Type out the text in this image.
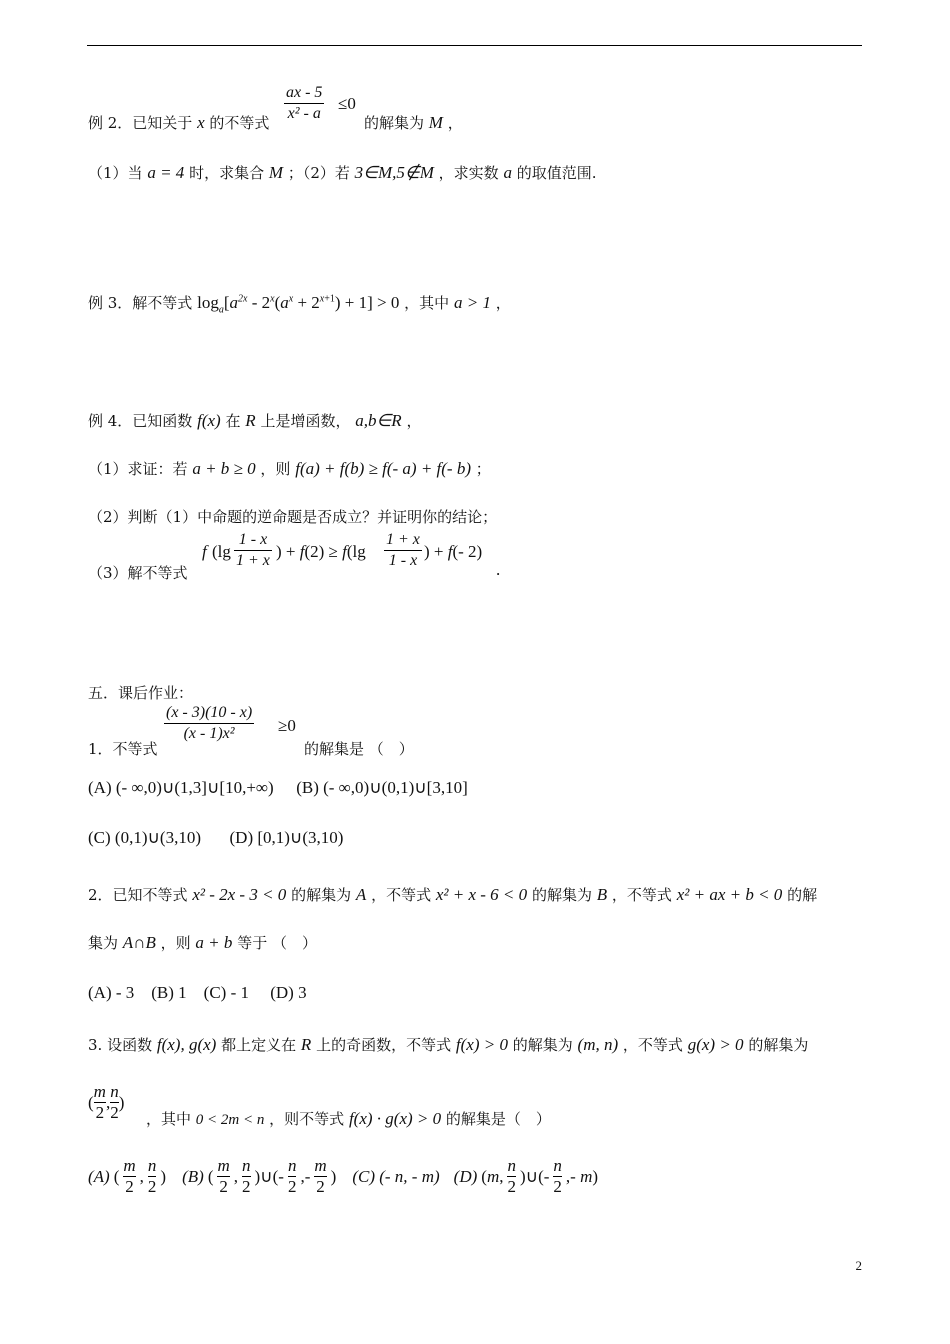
ax - 5
x² - a
≤0
例 2．已知关于 x 的不等式	的解集为 M ，
（1）当 a = 4 时，求集合 M ；（2）若 3∈M,5∉M ，求实数 a 的取值范围.
例 3．解不等式 $\log_a[a^{2x} - 2^x(a^x + 2^{x+1}) + 1] > 0$ ，其中 a > 1 ，
例 4．已知函数 f(x) 在 R 上是增函数， a,b∈R ，
（1）求证：若 a + b ≥ 0 ，则 f(a) + f(b) ≥ f(- a) + f(- b) ；
（2）判断（1）中命题的逆命题是否成立？并证明你的结论；
（3）解不等式
f (lg
1 - x
1 + x ) + f(2) ≥ f(lg
1 + x
1 - x ) + f(- 2)
.
五．课后作业：
(x - 3)(10 - x)
(x - 1)x²	≥0
1．不等式	的解集是 （　）
(A) (- ∞,0)∪(1,3]∪[10,+∞) (B) (- ∞,0)∪(0,1)∪[3,10]
(C) (0,1)∪(3,10) (D) [0,1)∪(3,10)
2．已知不等式 x² - 2x - 3 < 0 的解集为 A ，不等式 x² + x - 6 < 0 的解集为 B ，不等式 x² + ax + b < 0 的解
集为 A∩B ，则 a + b 等于 （　）
(A) - 3　(B) 1　(C) - 1　 (D) 3
3. 设函数 f(x), g(x) 都上定义在 R 上的奇函数，不等式 f(x) > 0 的解集为 (m, n) ，不等式 g(x) > 0 的解集为
(
m
2
,
n
2
)
，其中 0 < 2m < n ，则不等式 f(x) · g(x) > 0 的解集是（　）
(A) (
m
2
,
n
2
) (B) (
m
2
,
n
2
)∪(-
n
2
,-
m
2
) (C) (- n, - m) (D) (m,
n
2
)∪(-
n
2
,- m)
2
